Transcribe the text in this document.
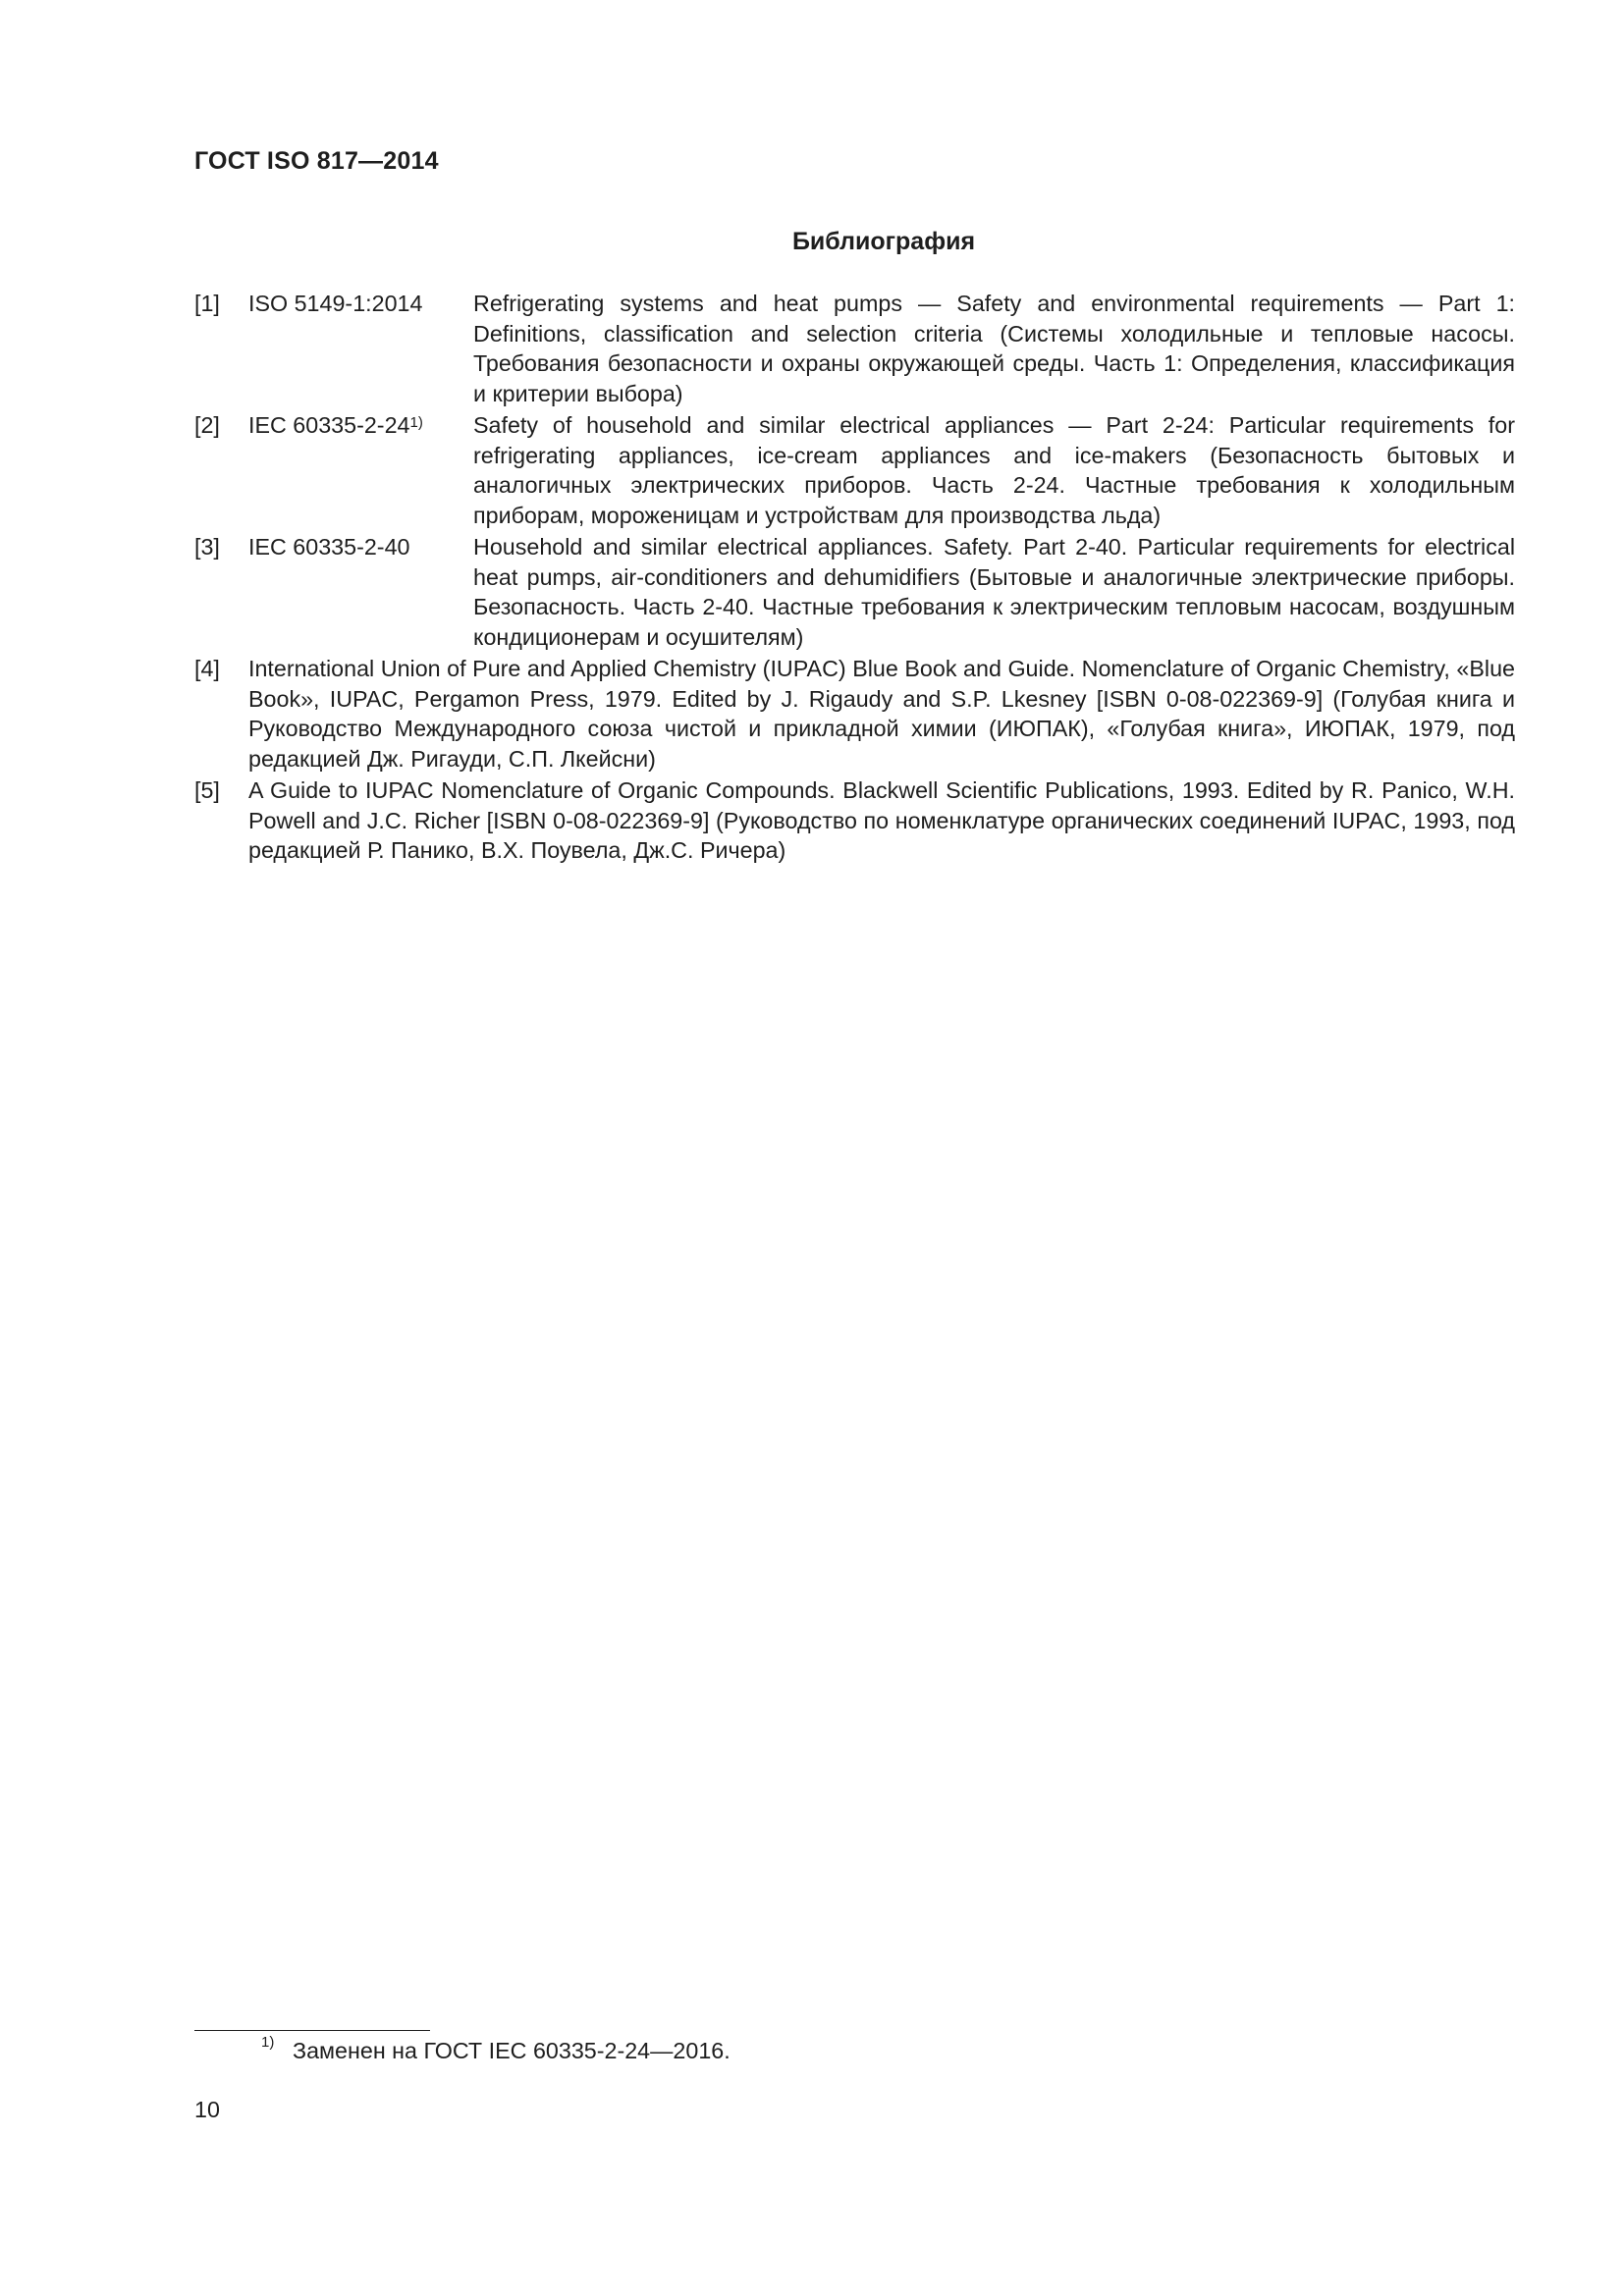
ГОСТ ISO 817—2014
Библиография
[1]	ISO 5149-1:2014	Refrigerating systems and heat pumps — Safety and environmental requirements — Part 1: Definitions, classification and selection criteria (Системы холодильные и тепловые насосы. Требования безопасности и охраны окружающей среды. Часть 1: Определения, классификация и критерии выбора)
[2]	IEC 60335-2-24$^{1)}$	Safety of household and similar electrical appliances — Part 2-24: Particular requirements for refrigerating appliances, ice-cream appliances and ice-makers (Безопасность бытовых и аналогичных электрических приборов. Часть 2-24. Частные требования к холодильным приборам, мороженицам и устройствам для производства льда)
[3]	IEC 60335-2-40	Household and similar electrical appliances. Safety. Part 2-40. Particular requirements for electrical heat pumps, air-conditioners and dehumidifiers (Бытовые и аналогичные электрические приборы. Безопасность. Часть 2-40. Частные требования к электрическим тепловым насосам, воздушным кондиционерам и осушителям)
[4]	International Union of Pure and Applied Chemistry (IUPAC) Blue Book and Guide. Nomenclature of Organic Chemistry, «Blue Book», IUPAC, Pergamon Press, 1979. Edited by J. Rigaudy and S.P. Lkesney [ISBN 0-08-022369-9] (Голубая книга и Руководство Международного союза чистой и прикладной химии (ИЮПАК), «Голубая книга», ИЮПАК, 1979, под редакцией Дж. Ригауди, С.П. Лкейсни)
[5]	A Guide to IUPAC Nomenclature of Organic Compounds. Blackwell Scientific Publications, 1993. Edited by R. Panico, W.H. Powell and J.C. Richer [ISBN 0-08-022369-9] (Руководство по номенклатуре органических соединений IUPAC, 1993, под редакцией Р. Панико, В.Х. Поувела, Дж.С. Ричера)
1) Заменен на ГОСТ IEC 60335-2-24—2016.
10
